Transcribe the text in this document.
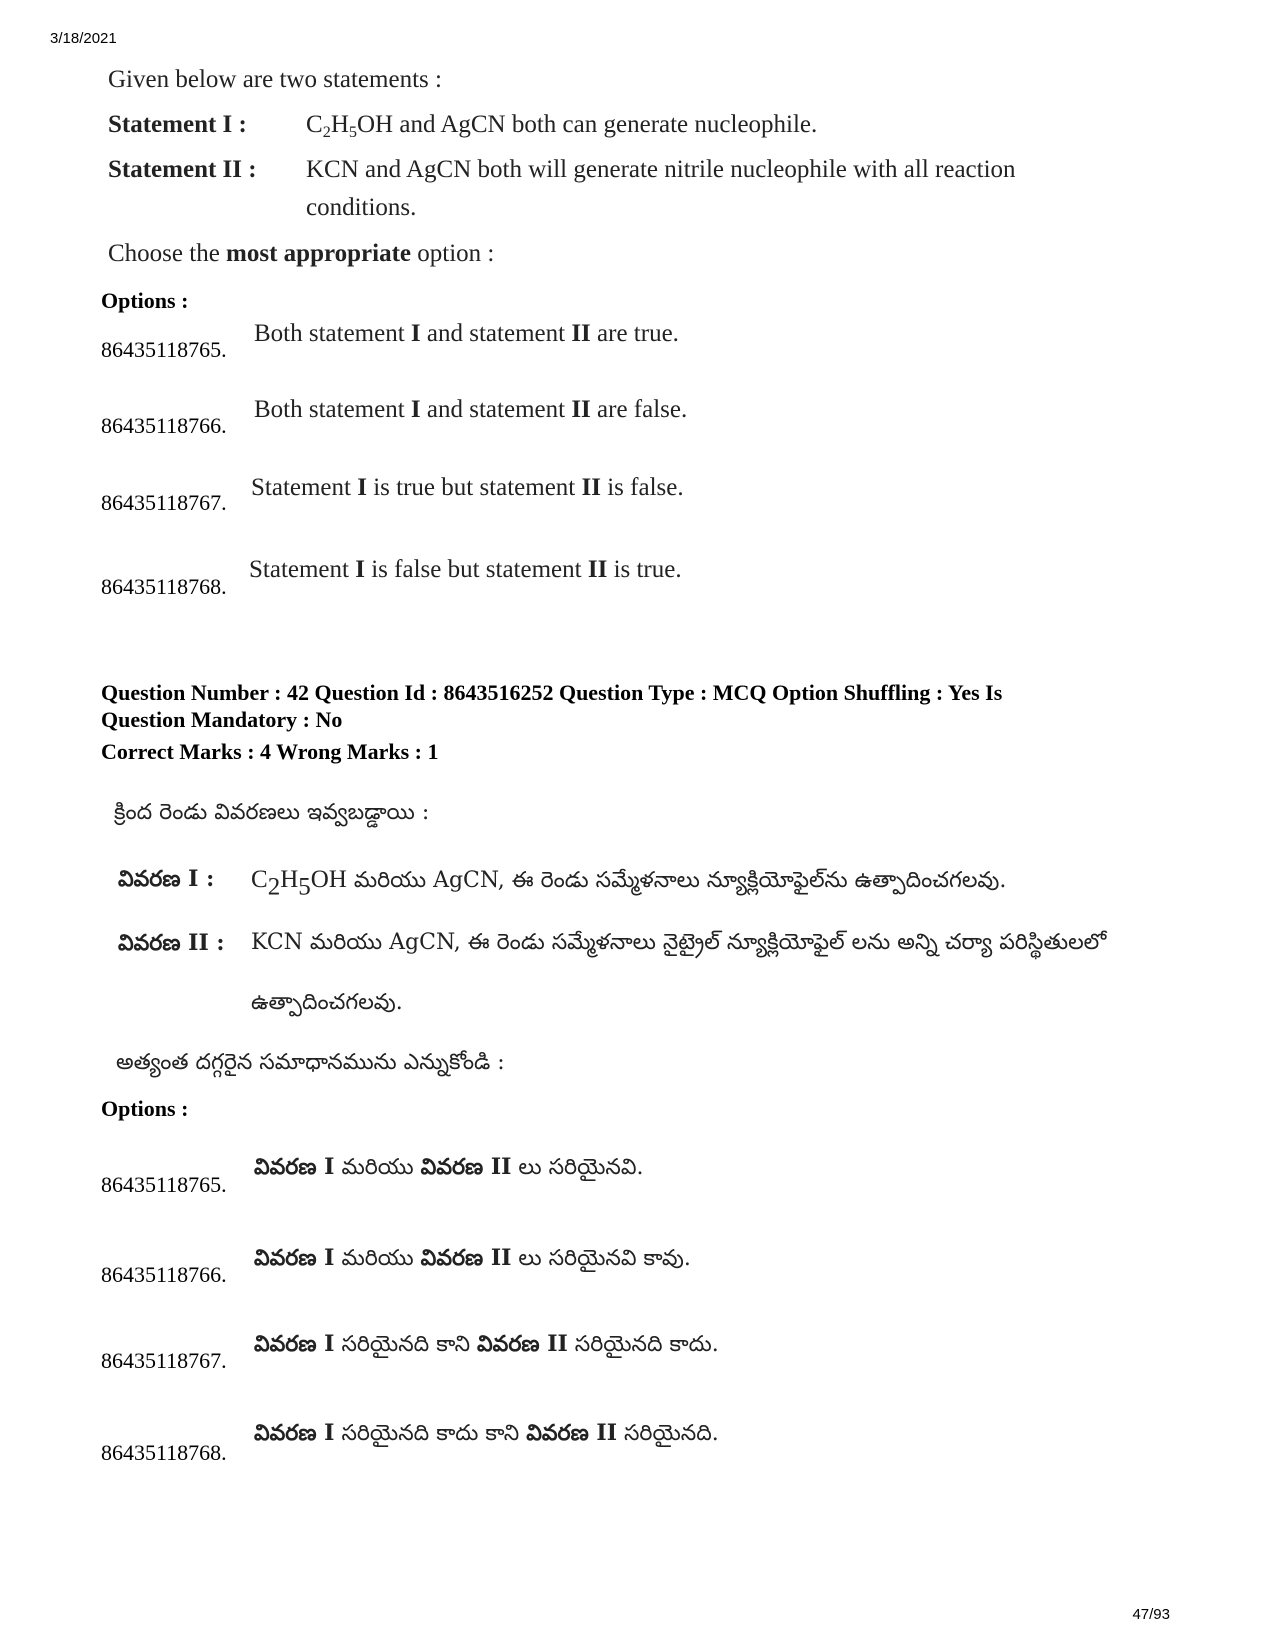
3/18/2021
Given below are two statements :
Statement I : $C_2H_5OH$ and AgCN both can generate nucleophile.
Statement II : KCN and AgCN both will generate nitrile nucleophile with all reaction
conditions.
Choose the most appropriate option :
Options :
86435118765.
Both statement I and statement II are true.
86435118766.
Both statement I and statement II are false.
86435118767.
Statement I is true but statement II is false.
86435118768.
Statement I is false but statement II is true.
Question Number : 42 Question Id : 8643516252 Question Type : MCQ Option Shuffling : Yes Is
Question Mandatory : No
Correct Marks : 4 Wrong Marks : 1
క్రింద రెండు వివరణలు ఇవ్వబడ్డాయి :
వివరణ I : $C_2H_5OH$ మరియు AgCN, ఈ రెండు సమ్మేళనాలు న్యూక్లియోఫైల్‌ను ఉత్పాదించగలవు.
వివరణ II : KCN మరియు AgCN, ఈ రెండు సమ్మేళనాలు నైట్రైల్ న్యూక్లియోఫైల్ లను అన్ని చర్యా పరిస్థితులలో
ఉత్పాదించగలవు.
అత్యంత దగ్గరైన సమాధానమును ఎన్నుకోండి :
Options :
86435118765.
వివరణ I మరియు వివరణ II లు సరియైనవి.
86435118766.
వివరణ I మరియు వివరణ II లు సరియైనవి కావు.
86435118767.
వివరణ I సరియైనది కాని వివరణ II సరియైనది కాదు.
86435118768.
వివరణ I సరియైనది కాదు కాని వివరణ II సరియైనది.
47/93
